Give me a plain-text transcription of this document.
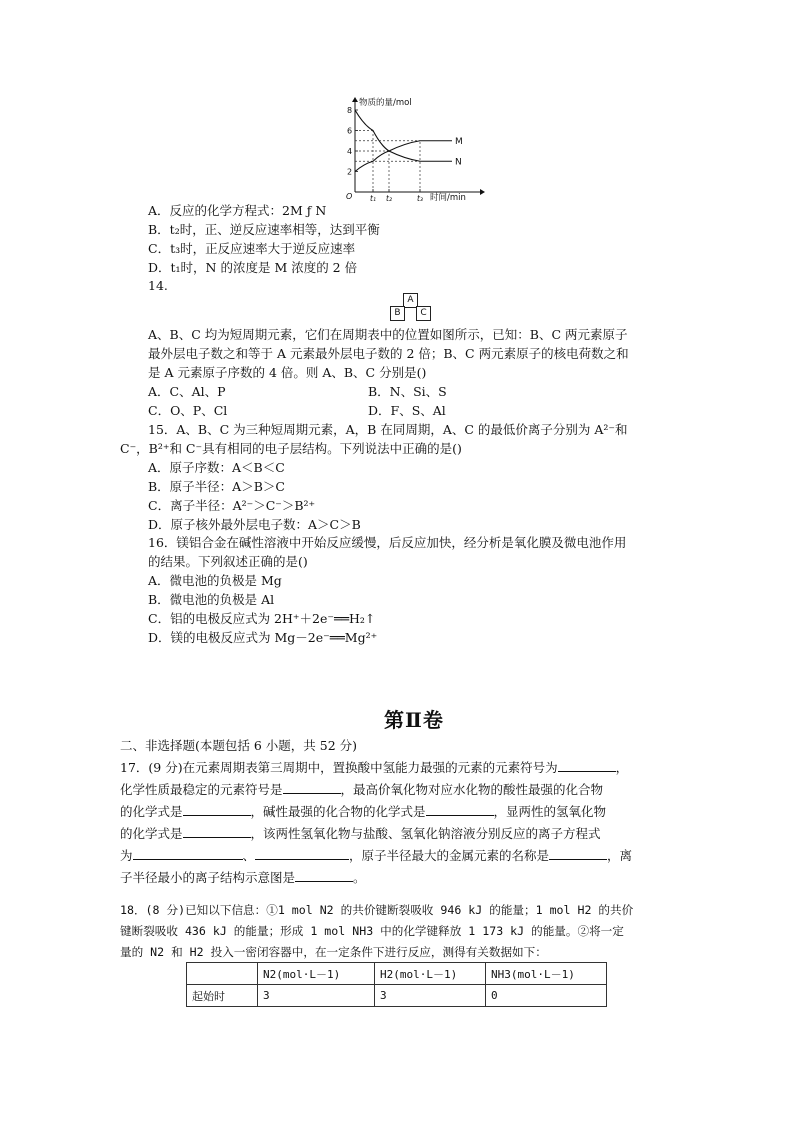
物质的量/mol
2
4
6
8
O t₁ t₂	t₃ 时间/min
M
N
A．反应的化学方程式：2M ƒ N
B．t₂时，正、逆反应速率相等，达到平衡
C．t₃时，正反应速率大于逆反应速率
D．t₁时，N 的浓度是 M 浓度的 2 倍
14.
A
B	C
A、B、C 均为短周期元素，它们在周期表中的位置如图所示，已知：B、C 两元素原子
最外层电子数之和等于 A 元素最外层电子数的 2 倍；B、C 两元素原子的核电荷数之和
是 A 元素原子序数的 4 倍。则 A、B、C 分别是()
A．C、Al、P	B．N、Si、S
C．O、P、Cl	D．F、S、Al
15．A、B、C 为三种短周期元素，A，B 在同周期，A、C 的最低价离子分别为 A²⁻和
C⁻，B²⁺和 C⁻具有相同的电子层结构。下列说法中正确的是()
A．原子序数：A＜B＜C
B．原子半径：A＞B＞C
C．离子半径：A²⁻＞C⁻＞B²⁺
D．原子核外最外层电子数：A＞C＞B
16．镁铝合金在碱性溶液中开始反应缓慢，后反应加快，经分析是氧化膜及微电池作用
的结果。下列叙述正确的是()
A．微电池的负极是 Mg
B．微电池的负极是 Al
C．铝的电极反应式为 2H⁺＋2e⁻══H₂↑
D．镁的电极反应式为 Mg－2e⁻══Mg²⁺
第Ⅱ卷
二、非选择题(本题包括 6 小题，共 52 分)
17．(9 分)在元素周期表第三周期中，置换酸中氢能力最强的元素的元素符号为	，
化学性质最稳定的元素符号是	，最高价氧化物对应水化物的酸性最强的化合物
的化学式是	，碱性最强的化合物的化学式是	，显两性的氢氧化物
的化学式是	，该两性氢氧化物与盐酸、氢氧化钠溶液分别反应的离子方程式
为	、	，原子半径最大的金属元素的名称是	，离
子半径最小的离子结构示意图是	。
18．(8 分)已知以下信息：①1 mol N2 的共价键断裂吸收 946 kJ 的能量；1 mol H2 的共价
键断裂吸收 436 kJ 的能量；形成 1 mol NH3 中的化学键释放 1 173 kJ 的能量。②将一定
量的 N2 和 H2 投入一密闭容器中，在一定条件下进行反应，测得有关数据如下：
	N2(mol·L－1)	H2(mol·L－1)	NH3(mol·L－1)
起始时	3	3	0
